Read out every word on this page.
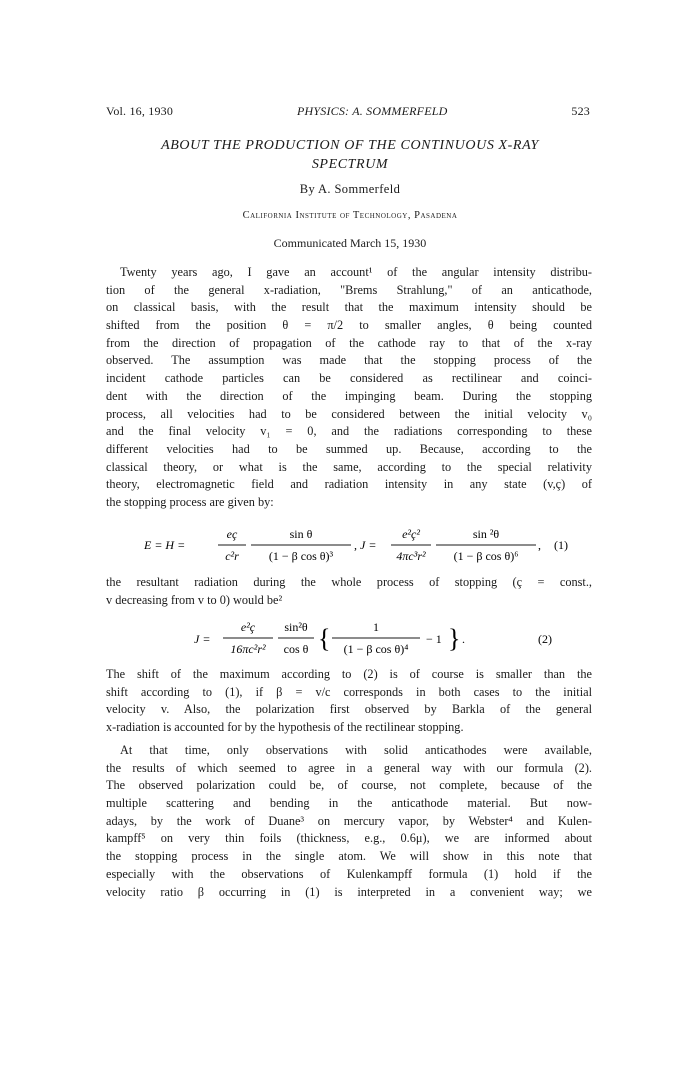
Vol. 16, 1930	PHYSICS: A. SOMMERFELD	523
ABOUT THE PRODUCTION OF THE CONTINUOUS X-RAY
SPECTRUM
By A. Sommerfeld
California Institute of Technology, Pasadena
Communicated March 15, 1930
Twenty years ago, I gave an account¹ of the angular intensity distribu-
tion of the general x-radiation, "Brems Strahlung," of an anticathode,
on classical basis, with the result that the maximum intensity should be
shifted from the position θ = π/2 to smaller angles, θ being counted
from the direction of propagation of the cathode ray to that of the x-ray
observed. The assumption was made that the stopping process of the
incident cathode particles can be considered as rectilinear and coinci-
dent with the direction of the impinging beam. During the stopping
process, all velocities had to be considered between the initial velocity v₀
and the final velocity v₁ = 0, and the radiations corresponding to these
different velocities had to be summed up. Because, according to the
classical theory, or what is the same, according to the special relativity
theory, electromagnetic field and radiation intensity in any state (v,ç) of
the stopping process are given by:
E = H =
eç
c²r
sin θ
(1 − β cos θ)³
, J =
e²ç²
4πc³r²
sin ²θ
(1 − β cos θ)⁶
, (1)
the resultant radiation during the whole process of stopping (ç = const.,
v decreasing from v to 0) would be²
J =
e²ç
16πc²r²
sin²θ
cos θ {	1
(1 − β cos θ)⁴
− 1 } .	(2)
The shift of the maximum according to (2) is of course is smaller than the
shift according to (1), if β = v/c corresponds in both cases to the initial
velocity v. Also, the polarization first observed by Barkla of the general
x-radiation is accounted for by the hypothesis of the rectilinear stopping.
At that time, only observations with solid anticathodes were available,
the results of which seemed to agree in a general way with our formula (2).
The observed polarization could be, of course, not complete, because of the
multiple scattering and bending in the anticathode material. But now-
adays, by the work of Duane³ on mercury vapor, by Webster⁴ and Kulen-
kampff⁵ on very thin foils (thickness, e.g., 0.6μ), we are informed about
the stopping process in the single atom. We will show in this note that
especially with the observations of Kulenkampff formula (1) hold if the
velocity ratio β occurring in (1) is interpreted in a convenient way; we
